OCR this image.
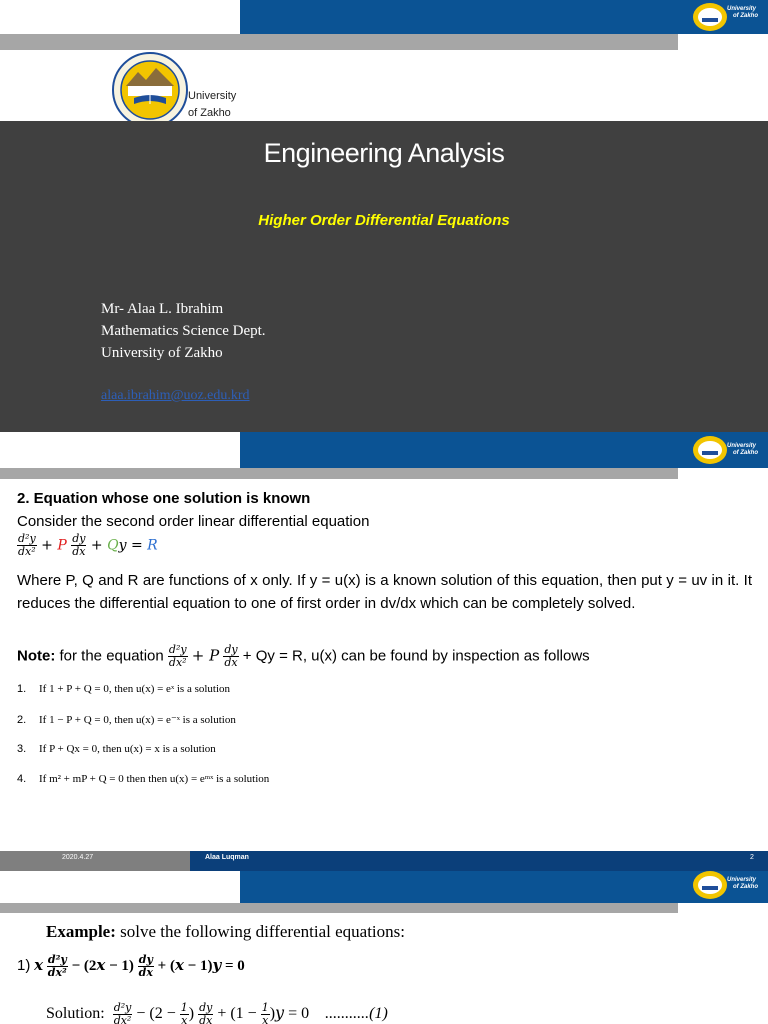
University
of Zakho
University
of Zakho
Engineering Analysis
Higher Order Differential Equations
Mr- Alaa L. Ibrahim
Mathematics Science Dept.
University of Zakho
alaa.ibrahim@uoz.edu.krd
University
of Zakho
2. Equation whose one solution is known
Consider the second order linear differential equation
$\frac{\text{d²y}}{\text{dx²}} + P \frac{dy}{dx} + Qy = R$
Where P, Q and R are functions of x only. If y = u(x) is a known solution of this equation, then put y = uv in it. It reduces the differential equation to one of first order in dv/dx which can be completely solved.
Note: for the equation $\frac{\text{d²y}}{\text{dx²}} + P \frac{dy}{dx} + Qy = R$, u(x) can be found by inspection as follows
1. If 1 + P + Q = 0, then u(x) = eˣ is a solution
2. If 1 − P + Q = 0, then u(x) = e⁻ˣ is a solution
3. If P + Qx = 0, then u(x) = x is a solution
4. If m² + mP + Q = 0 then then u(x) = eᵐˣ is a solution
2020.4.27	Alaa Luqman	2
University
of Zakho
Example: solve the following differential equations:
1) x $\frac{\text{d²y}}{\text{dx²}} - (2x - 1) \frac{dy}{dx} + (x - 1)y = 0$
Solution: $\frac{\text{d²y}}{\text{dx²}} - (2 - \frac{1}{x}$ ) $\frac{dy}{dx} + (1 - \frac{1}{x} )y = 0$    ...........(1)
